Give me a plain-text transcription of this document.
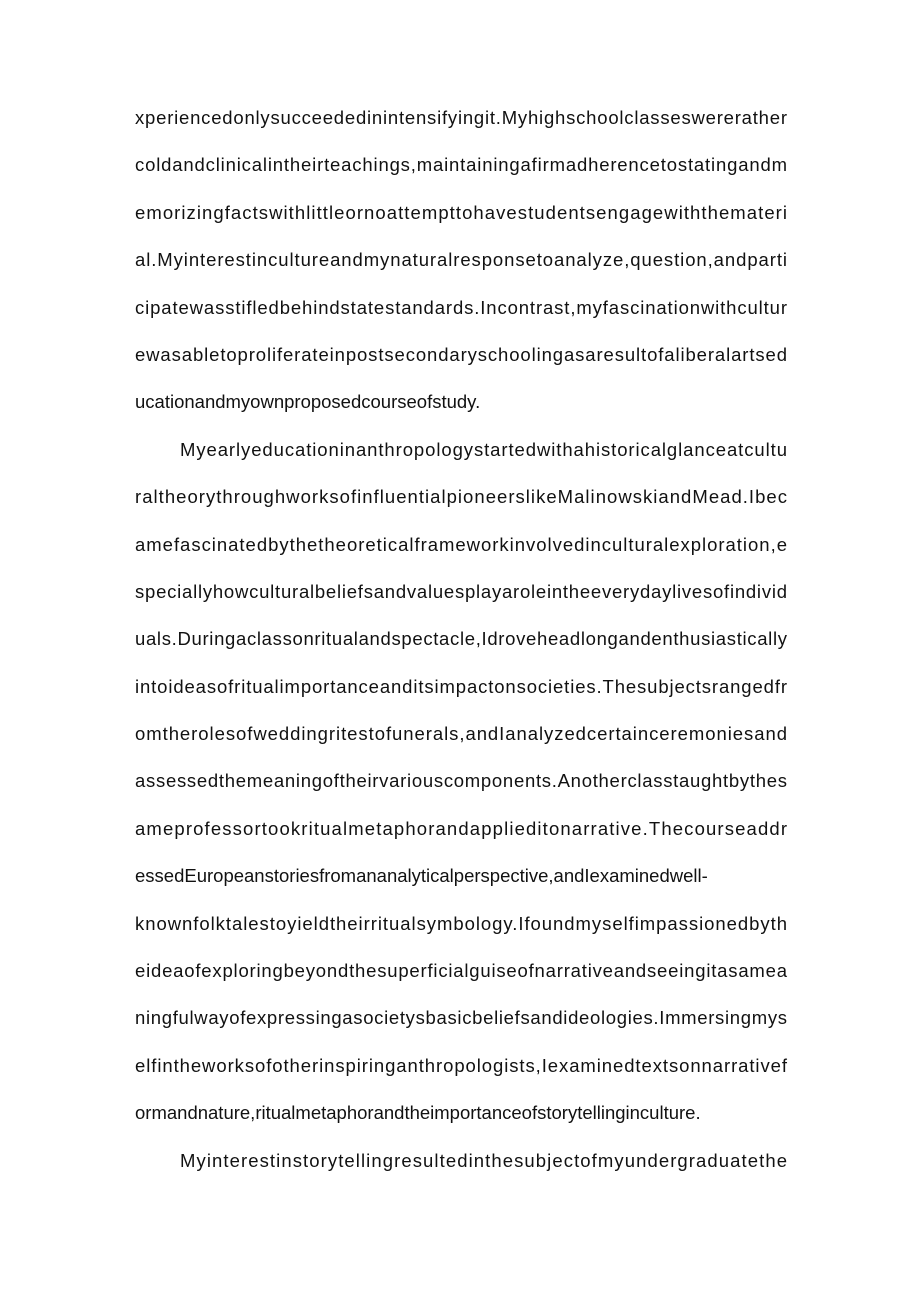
xperiencedonlysucceededinintensifyingit.Myhighschoolclasseswererather
coldandclinicalintheirteachings,maintainingafirmadherencetostatingandm
emorizingfactswithlittleornoattempttohavestudentsengagewiththemateri
al.Myinterestincultureandmynaturalresponsetoanalyze,question,andparti
cipatewasstifledbehindstatestandards.Incontrast,myfascinationwithcultur
ewasabletoproliferateinpostsecondaryschoolingasaresultofaliberalartsed
ucationandmyownproposedcourseofstudy.
Myearlyeducationinanthropologystartedwithahistoricalglanceatcultu
raltheorythroughworksofinfluentialpioneerslikeMalinowskiandMead.Ibec
amefascinatedbythetheoreticalframeworkinvolvedinculturalexploration,e
speciallyhowculturalbeliefsandvaluesplayaroleintheeverydaylivesofindivid
uals.Duringaclassonritualandspectacle,Idroveheadlongandenthusiastically
intoideasofritualimportanceanditsimpactonsocieties.Thesubjectsrangedfr
omtherolesofweddingritestofunerals,andIanalyzedcertainceremoniesand
assessedthemeaningoftheirvariouscomponents.Anotherclasstaughtbythes
ameprofessortookritualmetaphorandapplieditonarrative.Thecourseaddr
essedEuropeanstoriesfromananalyticalperspective,andIexaminedwell-
knownfolktalestoyieldtheirritualsymbology.Ifoundmyselfimpassionedbyth
eideaofexploringbeyondthesuperficialguiseofnarrativeandseeingitasamea
ningfulwayofexpressingasocietysbasicbeliefsandideologies.Immersingmys
elfintheworksofotherinspiringanthropologists,Iexaminedtextsonnarrativef
ormandnature,ritualmetaphorandtheimportanceofstorytellinginculture.
Myinterestinstorytellingresultedinthesubjectofmyundergraduatethe
